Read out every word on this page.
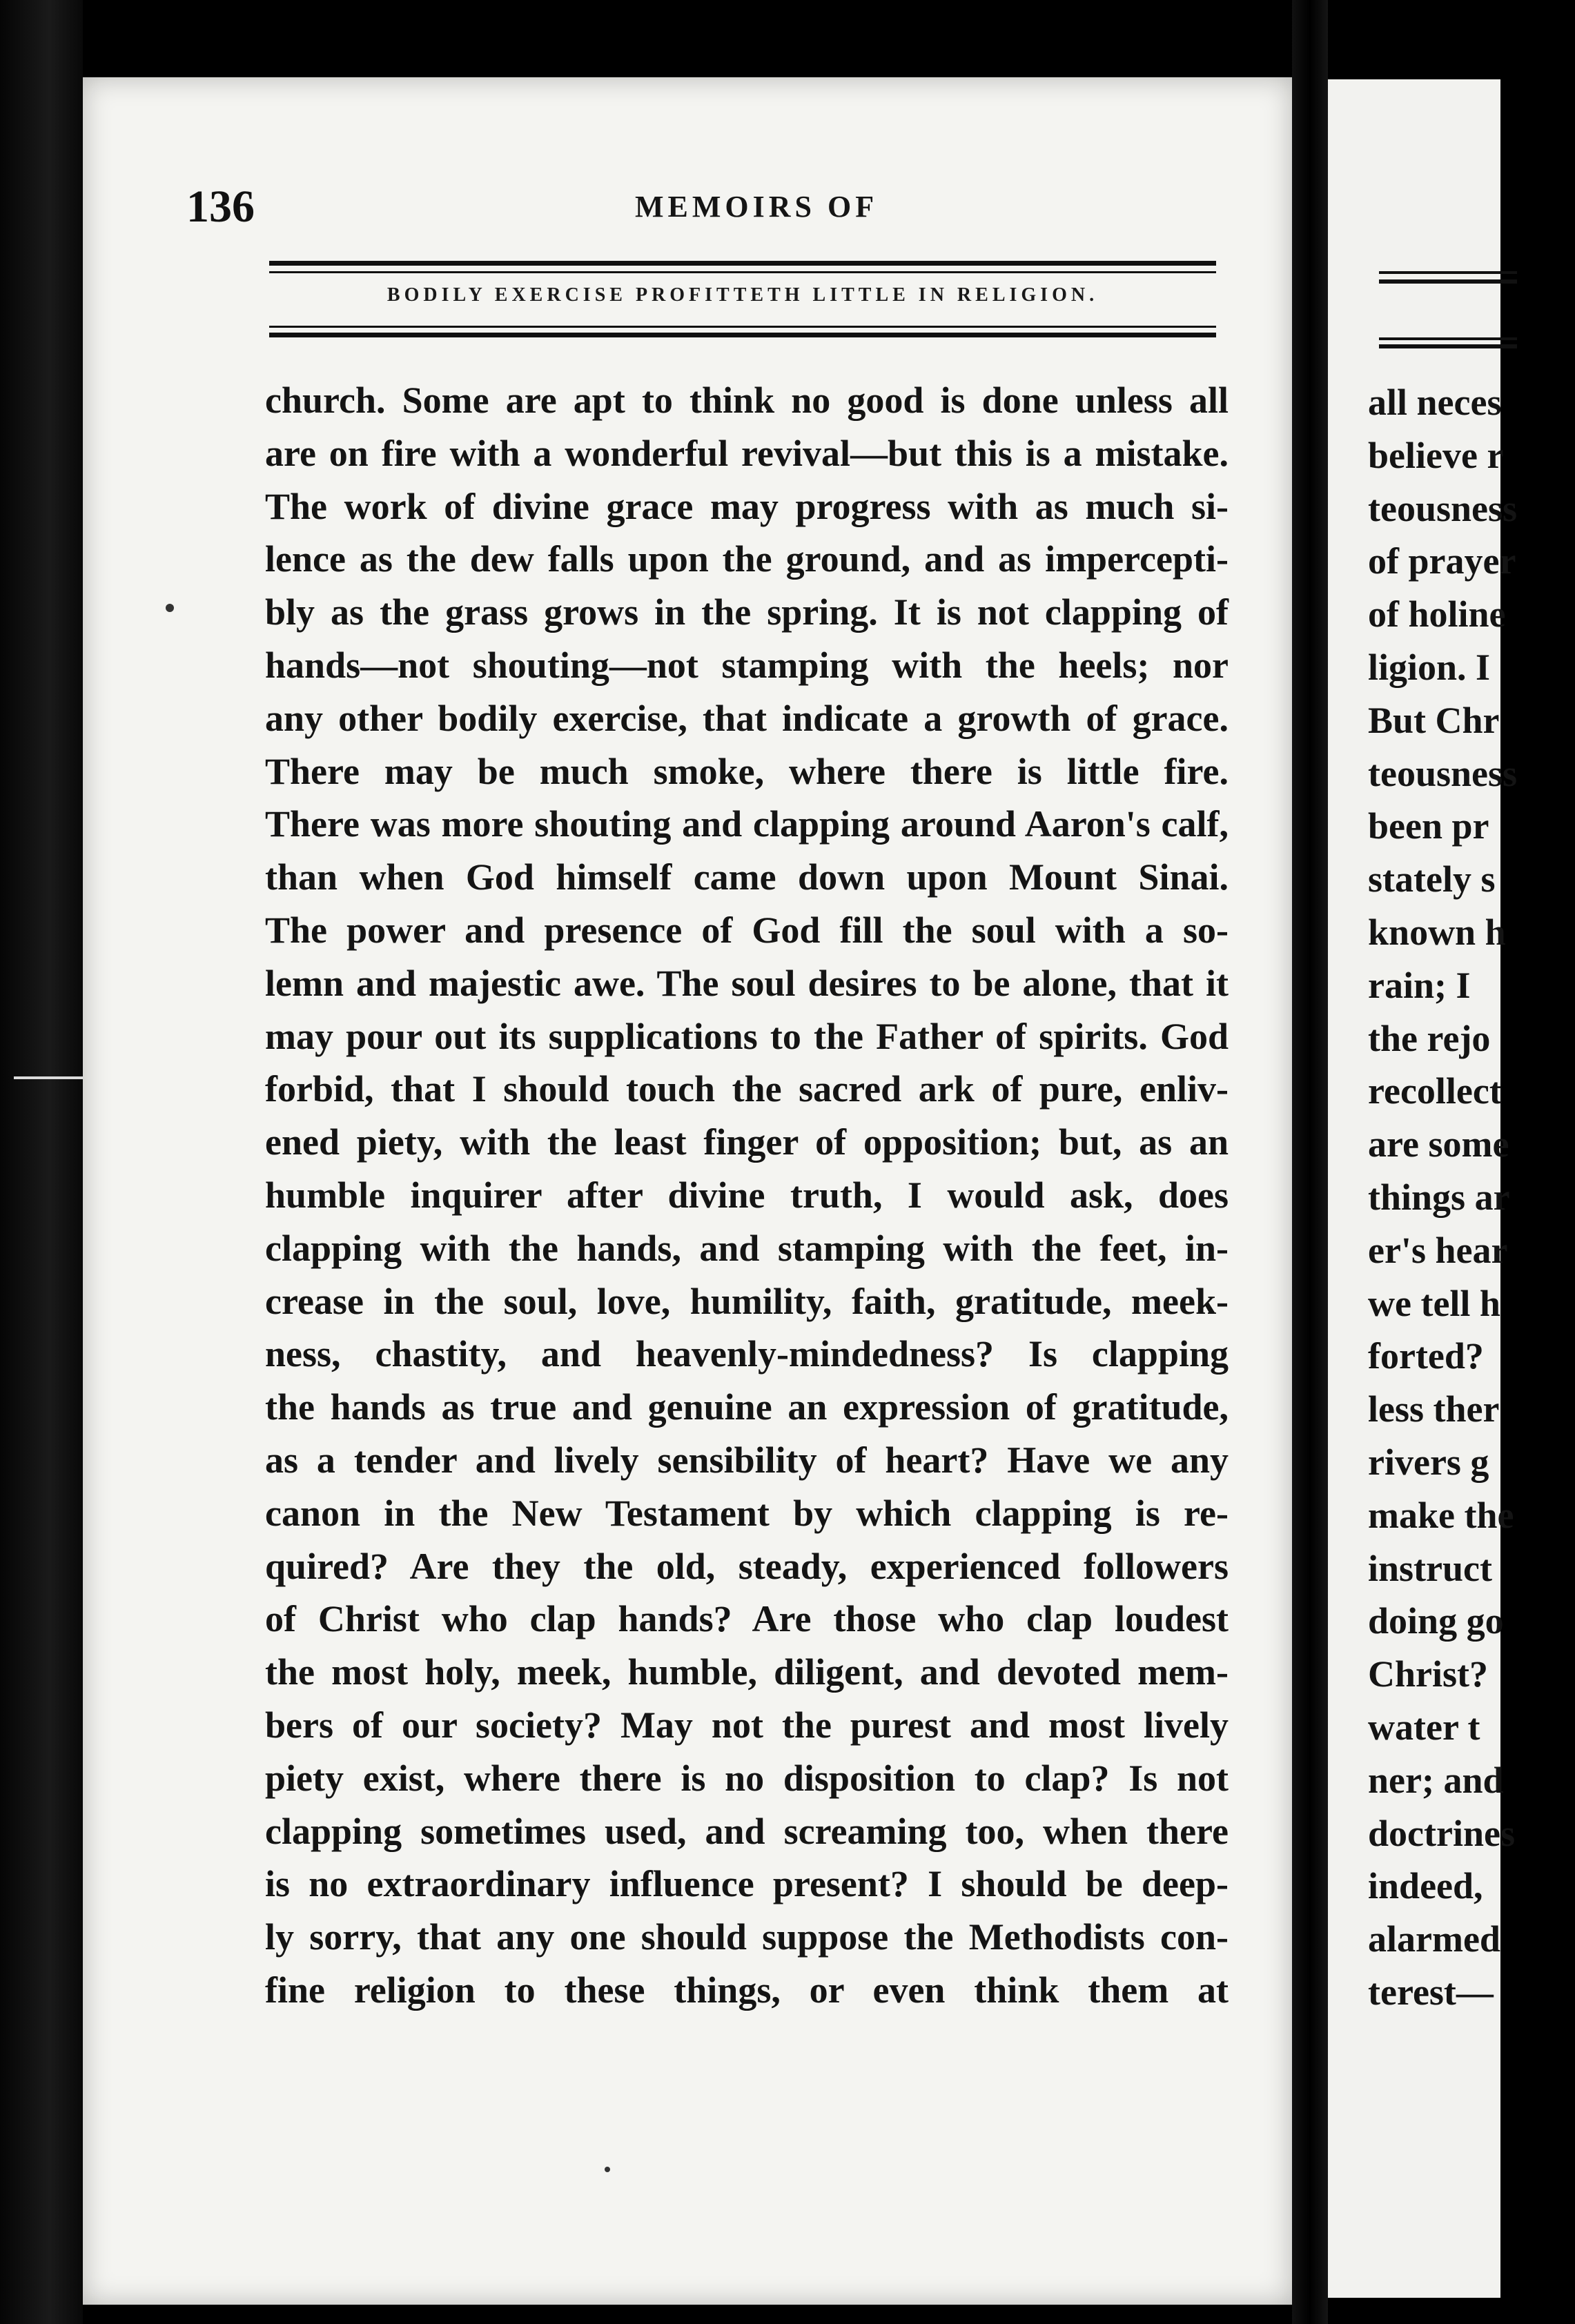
136	MEMOIRS OF
BODILY EXERCISE PROFITTETH LITTLE IN RELIGION.
church. Some are apt to think no good is done unless all
are on fire with a wonderful revival—but this is a mistake.
The work of divine grace may progress with as much si-
lence as the dew falls upon the ground, and as impercepti-
bly as the grass grows in the spring. It is not clapping of
hands—not shouting—not stamping with the heels; nor
any other bodily exercise, that indicate a growth of grace.
There may be much smoke, where there is little fire.
There was more shouting and clapping around Aaron's calf,
than when God himself came down upon Mount Sinai.
The power and presence of God fill the soul with a so-
lemn and majestic awe. The soul desires to be alone, that it
may pour out its supplications to the Father of spirits. God
forbid, that I should touch the sacred ark of pure, enliv-
ened piety, with the least finger of opposition; but, as an
humble inquirer after divine truth, I would ask, does
clapping with the hands, and stamping with the feet, in-
crease in the soul, love, humility, faith, gratitude, meek-
ness, chastity, and heavenly-mindedness? Is clapping
the hands as true and genuine an expression of gratitude,
as a tender and lively sensibility of heart? Have we any
canon in the New Testament by which clapping is re-
quired? Are they the old, steady, experienced followers
of Christ who clap hands? Are those who clap loudest
the most holy, meek, humble, diligent, and devoted mem-
bers of our society? May not the purest and most lively
piety exist, where there is no disposition to clap? Is not
clapping sometimes used, and screaming too, when there
is no extraordinary influence present? I should be deep-
ly sorry, that any one should suppose the Methodists con-
fine religion to these things, or even think them at
all neces
believe r
teousness
of prayer
of holine
ligion. I
But Chr
teousness
been pr
stately s
known h
rain; I
the rejo
recollect
are some
things ar
er's hear
we tell h
forted?
less ther
rivers g
make the
instruct
doing go
Christ?
water t
ner; and
doctrines
indeed,
alarmed
terest—
